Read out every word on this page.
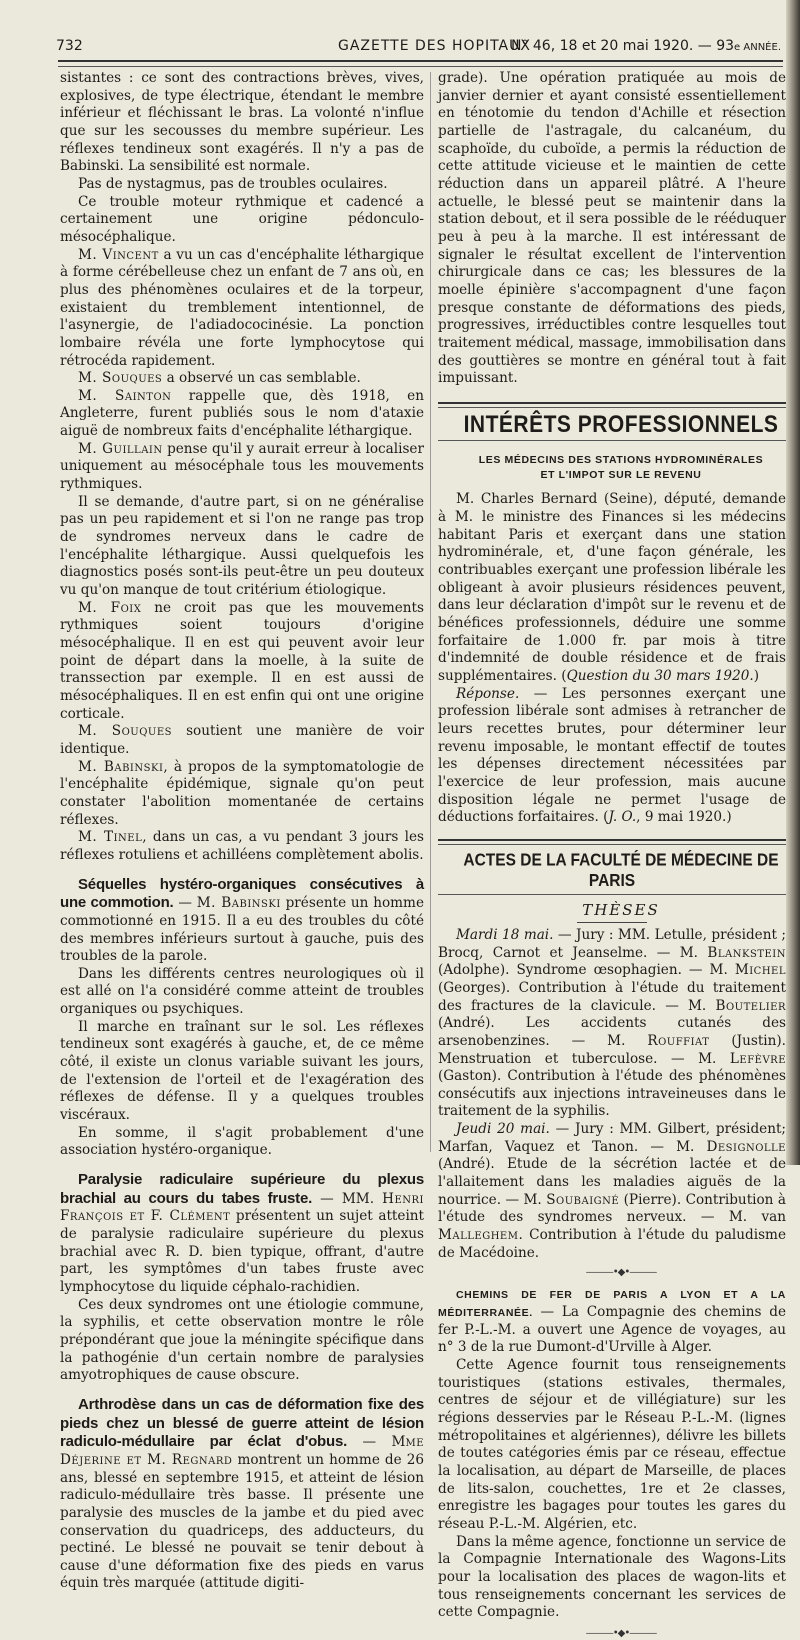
732	GAZETTE DES HOPITAUX
N° 46, 18 et 20 mai 1920. — 93e ANNÉE.

sistantes : ce sont des contractions brèves, vives, explosives, de type électrique, étendant le membre inférieur et fléchissant le bras. La volonté n'influe que sur les secousses du membre supérieur. Les réflexes tendineux sont exagérés. Il n'y a pas de Babinski. La sensibilité est normale.

Pas de nystagmus, pas de troubles oculaires.

Ce trouble moteur rythmique et cadencé a certainement une origine pédonculo-mésocéphalique.

M. Vincent a vu un cas d'encéphalite léthargique à forme cérébelleuse chez un enfant de 7 ans où, en plus des phénomènes oculaires et de la torpeur, existaient du tremblement intentionnel, de l'asynergie, de l'adiadococinésie. La ponction lombaire révéla une forte lymphocytose qui rétrocéda rapidement.

M. Souques a observé un cas semblable.

M. Sainton rappelle que, dès 1918, en Angleterre, furent publiés sous le nom d'ataxie aiguë de nombreux faits d'encéphalite léthargique.

M. Guillain pense qu'il y aurait erreur à localiser uniquement au mésocéphale tous les mouvements rythmiques.

Il se demande, d'autre part, si on ne généralise pas un peu rapidement et si l'on ne range pas trop de syndromes nerveux dans le cadre de l'encéphalite léthargique. Aussi quelquefois les diagnostics posés sont-ils peut-être un peu douteux vu qu'on manque de tout critérium étiologique.

M. Foix ne croit pas que les mouvements rythmiques soient toujours d'origine mésocéphalique. Il en est qui peuvent avoir leur point de départ dans la moelle, à la suite de transsection par exemple. Il en est aussi de mésocéphaliques. Il en est enfin qui ont une origine corticale.

M. Souques soutient une manière de voir identique.

M. Babinski, à propos de la symptomatologie de l'encéphalite épidémique, signale qu'on peut constater l'abolition momentanée de certains réflexes.

M. Tinel, dans un cas, a vu pendant 3 jours les réflexes rotuliens et achilléens complètement abolis.

Séquelles hystéro-organiques consécutives à une commotion. — M. Babinski présente un homme commotionné en 1915. Il a eu des troubles du côté des membres inférieurs surtout à gauche, puis des troubles de la parole.

Dans les différents centres neurologiques où il est allé on l'a considéré comme atteint de troubles organiques ou psychiques.

Il marche en traînant sur le sol. Les réflexes tendineux sont exagérés à gauche, et, de ce même côté, il existe un clonus variable suivant les jours, de l'extension de l'orteil et de l'exagération des réflexes de défense. Il y a quelques troubles viscéraux.

En somme, il s'agit probablement d'une association hystéro-organique.

Paralysie radiculaire supérieure du plexus brachial au cours du tabes fruste. — MM. Henri François et F. Clément présentent un sujet atteint de paralysie radiculaire supérieure du plexus brachial avec R. D. bien typique, offrant, d'autre part, les symptômes d'un tabes fruste avec lymphocytose du liquide céphalo-rachidien.

Ces deux syndromes ont une étiologie commune, la syphilis, et cette observation montre le rôle prépondérant que joue la méningite spécifique dans la pathogénie d'un certain nombre de paralysies amyotrophiques de cause obscure.

Arthrodèse dans un cas de déformation fixe des pieds chez un blessé de guerre atteint de lésion radiculo-médullaire par éclat d'obus. — Mme Déjerine et M. Regnard montrent un homme de 26 ans, blessé en septembre 1915, et atteint de lésion radiculo-médullaire très basse. Il présente une paralysie des muscles de la jambe et du pied avec conservation du quadriceps, des adducteurs, du pectiné. Le blessé ne pouvait se tenir debout à cause d'une déformation fixe des pieds en varus équin très marquée (attitude digiti-

grade). Une opération pratiquée au mois de janvier dernier et ayant consisté essentiellement en ténotomie du tendon d'Achille et résection partielle de l'astragale, du calcanéum, du scaphoïde, du cuboïde, a permis la réduction de cette attitude vicieuse et le maintien de cette réduction dans un appareil plâtré. A l'heure actuelle, le blessé peut se maintenir dans la station debout, et il sera possible de le rééduquer peu à peu à la marche. Il est intéressant de signaler le résultat excellent de l'intervention chirurgicale dans ce cas; les blessures de la moelle épinière s'accompagnent d'une façon presque constante de déformations des pieds, progressives, irréductibles contre lesquelles tout traitement médical, massage, immobilisation dans des gouttières se montre en général tout à fait impuissant.

INTÉRÊTS PROFESSIONNELS

LES MÉDECINS DES STATIONS HYDROMINÉRALES

ET L'IMPOT SUR LE REVENU

M. Charles Bernard (Seine), député, demande à M. le ministre des Finances si les médecins habitant Paris et exerçant dans une station hydrominérale, et, d'une façon générale, les contribuables exerçant une profession libérale les obligeant à avoir plusieurs résidences peuvent, dans leur déclaration d'impôt sur le revenu et de bénéfices professionnels, déduire une somme forfaitaire de 1.000 fr. par mois à titre d'indemnité de double résidence et de frais supplémentaires. (Question du 30 mars 1920.)

Réponse. — Les personnes exerçant une profession libérale sont admises à retrancher de leurs recettes brutes, pour déterminer leur revenu imposable, le montant effectif de toutes les dépenses directement nécessitées par l'exercice de leur profession, mais aucune disposition légale ne permet l'usage de déductions forfaitaires. (J. O., 9 mai 1920.)

ACTES DE LA FACULTÉ DE MÉDECINE DE PARIS

THÈSES

Mardi 18 mai. — Jury : MM. Letulle, président ; Brocq, Carnot et Jeanselme. — M. Blankstein (Adolphe). Syndrome œsophagien. — M. Michel (Georges). Contribution à l'étude du traitement des fractures de la clavicule. — M. Boutelier (André). Les accidents cutanés des arsenobenzines. — M. Rouffiat (Justin). Menstruation et tuberculose. — M. Lefèvre (Gaston). Contribution à l'étude des phénomènes consécutifs aux injections intraveineuses dans le traitement de la syphilis.

Jeudi 20 mai. — Jury : MM. Gilbert, président; Marfan, Vaquez et Tanon. — M. Designolle (André). Etude de la sécrétion lactée et de l'allaitement dans les maladies aiguës de la nourrice. — M. Soubaigné (Pierre). Contribution à l'étude des syndromes nerveux. — M. van Malleghem. Contribution à l'étude du paludisme de Macédoine.

———•◆•———

CHEMINS DE FER DE PARIS A LYON ET A LA MÉDITERRANÉE. — La Compagnie des chemins de fer P.-L.-M. a ouvert une Agence de voyages, au n° 3 de la rue Dumont-d'Urville à Alger.

Cette Agence fournit tous renseignements touristiques (stations estivales, thermales, centres de séjour et de villégiature) sur les régions desservies par le Réseau P.-L.-M. (lignes métropolitaines et algériennes), délivre les billets de toutes catégories émis par ce réseau, effectue la localisation, au départ de Marseille, de places de lits-salon, couchettes, 1re et 2e classes, enregistre les bagages pour toutes les gares du réseau P.-L.-M. Algérien, etc.

Dans la même agence, fonctionne un service de la Compagnie Internationale des Wagons-Lits pour la localisation des places de wagon-lits et tous renseignements concernant les services de cette Compagnie.

———•◆•———
